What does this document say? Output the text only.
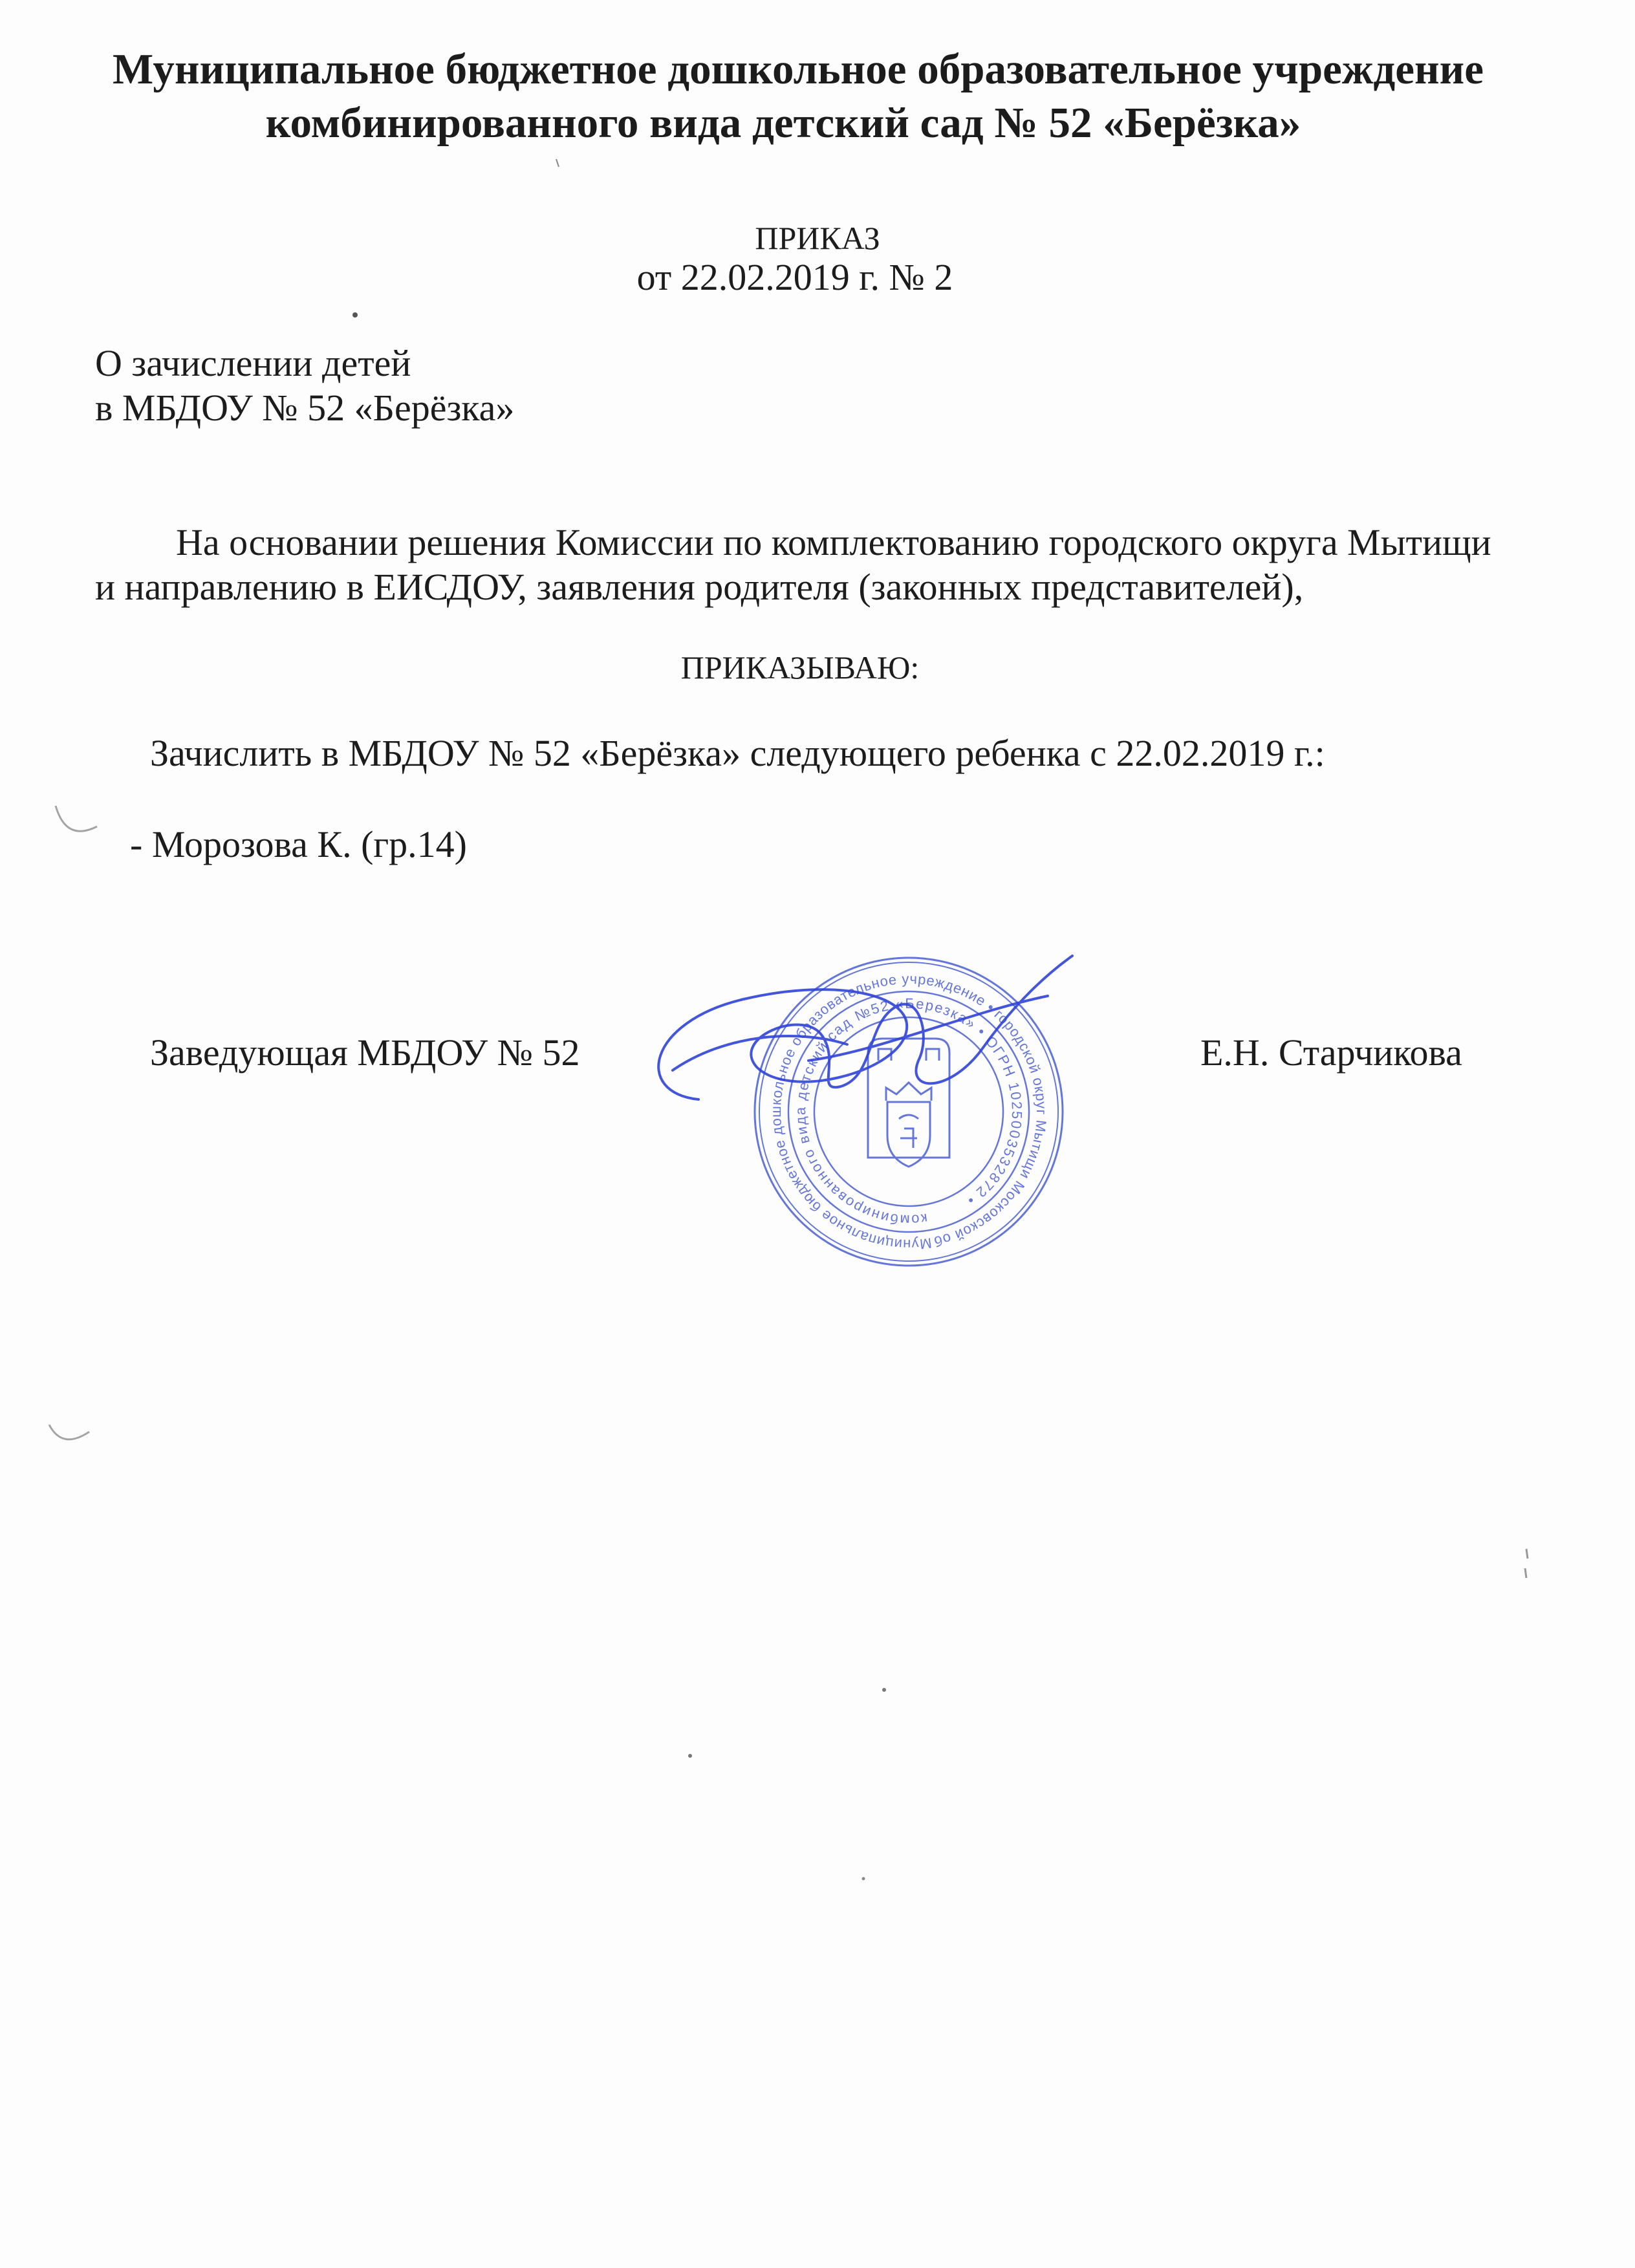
Муниципальное бюджетное дошкольное образовательное учреждение
комбинированного вида детский сад № 52 «Берёзка»
ПРИКАЗ
от 22.02.2019 г. № 2
О зачислении детей
в МБДОУ № 52 «Берёзка»
На основании решения Комиссии по комплектованию городского округа Мытищи
и направлению в ЕИСДОУ, заявления родителя (законных представителей),
ПРИКАЗЫВАЮ:
Зачислить в МБДОУ № 52 «Берёзка» следующего ребенка с 22.02.2019 г.:
- Морозова К. (гр.14)
Заведующая МБДОУ № 52	Е.Н. Старчикова
Муниципальное бюджетное дошкольное образовательное учреждение • городской округ Мытищи Московской области •
комбинированного вида детский сад №52 «Березка» • ОГРН 1025003532872 •
